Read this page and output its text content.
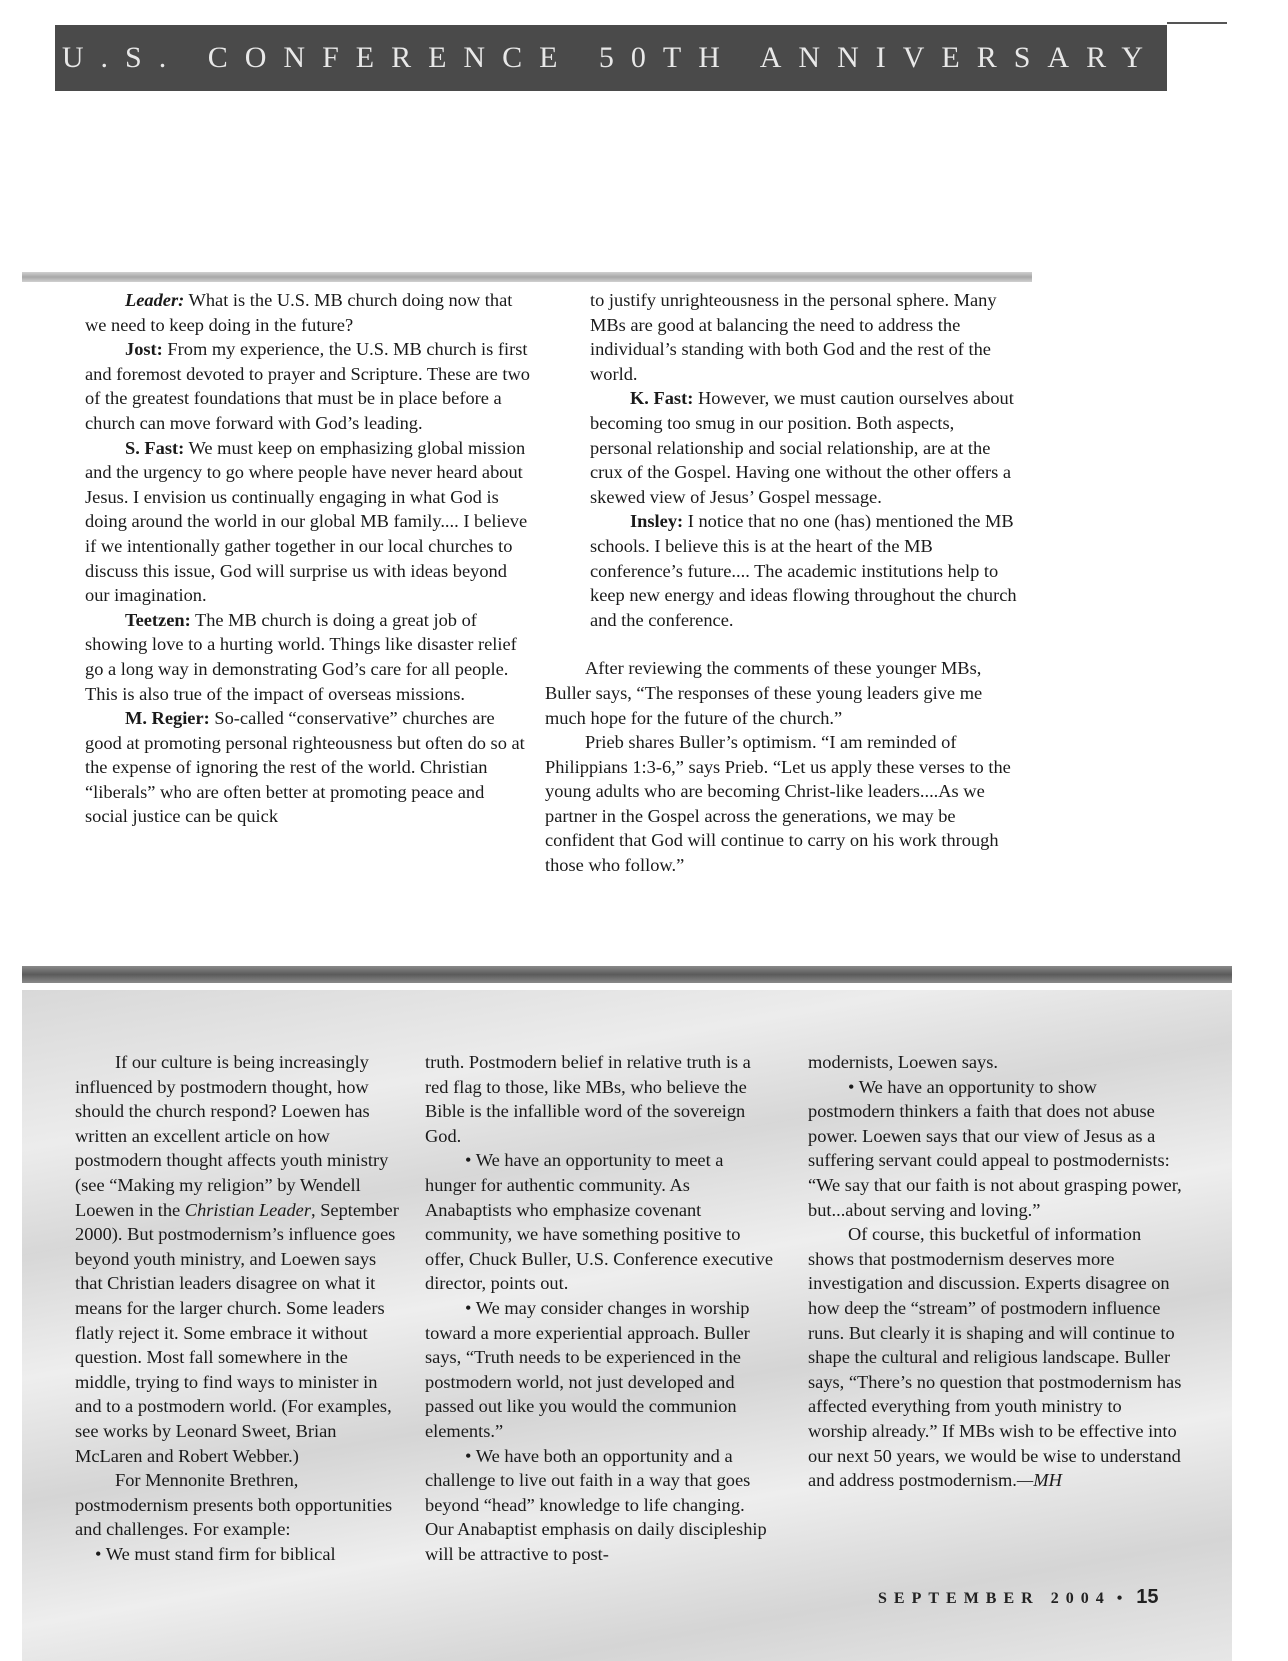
U.S. CONFERENCE 50TH ANNIVERSARY

Leader: What is the U.S. MB church doing now that we need to keep doing in the future?

Jost: From my experience, the U.S. MB church is first and foremost devoted to prayer and Scripture. These are two of the greatest foundations that must be in place before a church can move forward with God’s leading.

S. Fast: We must keep on emphasizing global mission and the urgency to go where people have never heard about Jesus. I envision us continually engaging in what God is doing around the world in our global MB family.... I believe if we intentionally gather together in our local churches to discuss this issue, God will surprise us with ideas beyond our imagination.

Teetzen: The MB church is doing a great job of showing love to a hurting world. Things like disaster relief go a long way in demonstrating God’s care for all people. This is also true of the impact of overseas missions.

M. Regier: So-called “conservative” churches are good at promoting personal righteousness but often do so at the expense of ignoring the rest of the world. Christian “liberals” who are often better at promoting peace and social justice can be quick

to justify unrighteousness in the personal sphere. Many MBs are good at balancing the need to address the individual’s standing with both God and the rest of the world.

K. Fast: However, we must caution ourselves about becoming too smug in our position. Both aspects, personal relationship and social relationship, are at the crux of the Gospel. Having one without the other offers a skewed view of Jesus’ Gospel message.

Insley: I notice that no one (has) mentioned the MB schools. I believe this is at the heart of the MB conference’s future.... The academic institutions help to keep new energy and ideas flowing throughout the church and the conference.

After reviewing the comments of these younger MBs, Buller says, “The responses of these young leaders give me much hope for the future of the church.”

Prieb shares Buller’s optimism. “I am reminded of Philippians 1:3-6,” says Prieb. “Let us apply these verses to the young adults who are becoming Christ-like leaders....As we partner in the Gospel across the generations, we may be confident that God will continue to carry on his work through those who follow.”

If our culture is being increasingly influenced by postmodern thought, how should the church respond? Loewen has written an excellent article on how postmodern thought affects youth ministry (see “Making my religion” by Wendell Loewen in the Christian Leader, September 2000). But postmodernism’s influence goes beyond youth ministry, and Loewen says that Christian leaders disagree on what it means for the larger church. Some leaders flatly reject it. Some embrace it without question. Most fall somewhere in the middle, trying to find ways to minister in and to a postmodern world. (For examples, see works by Leonard Sweet, Brian McLaren and Robert Webber.)

For Mennonite Brethren, postmodernism presents both opportunities and challenges. For example:

• We must stand firm for biblical

truth. Postmodern belief in relative truth is a red flag to those, like MBs, who believe the Bible is the infallible word of the sovereign God.

• We have an opportunity to meet a hunger for authentic community. As Anabaptists who emphasize covenant community, we have something positive to offer, Chuck Buller, U.S. Conference executive director, points out.

• We may consider changes in worship toward a more experiential approach. Buller says, “Truth needs to be experienced in the postmodern world, not just developed and passed out like you would the communion elements.”

• We have both an opportunity and a challenge to live out faith in a way that goes beyond “head” knowledge to life changing. Our Anabaptist emphasis on daily discipleship will be attractive to post-

modernists, Loewen says.

• We have an opportunity to show postmodern thinkers a faith that does not abuse power. Loewen says that our view of Jesus as a suffering servant could appeal to postmodernists: “We say that our faith is not about grasping power, but...about serving and loving.”

Of course, this bucketful of information shows that postmodernism deserves more investigation and discussion. Experts disagree on how deep the “stream” of postmodern influence runs. But clearly it is shaping and will continue to shape the cultural and religious landscape. Buller says, “There’s no question that postmodernism has affected everything from youth ministry to worship already.” If MBs wish to be effective into our next 50 years, we would be wise to understand and address postmodernism.—MH

SEPTEMBER 2004 • 15
